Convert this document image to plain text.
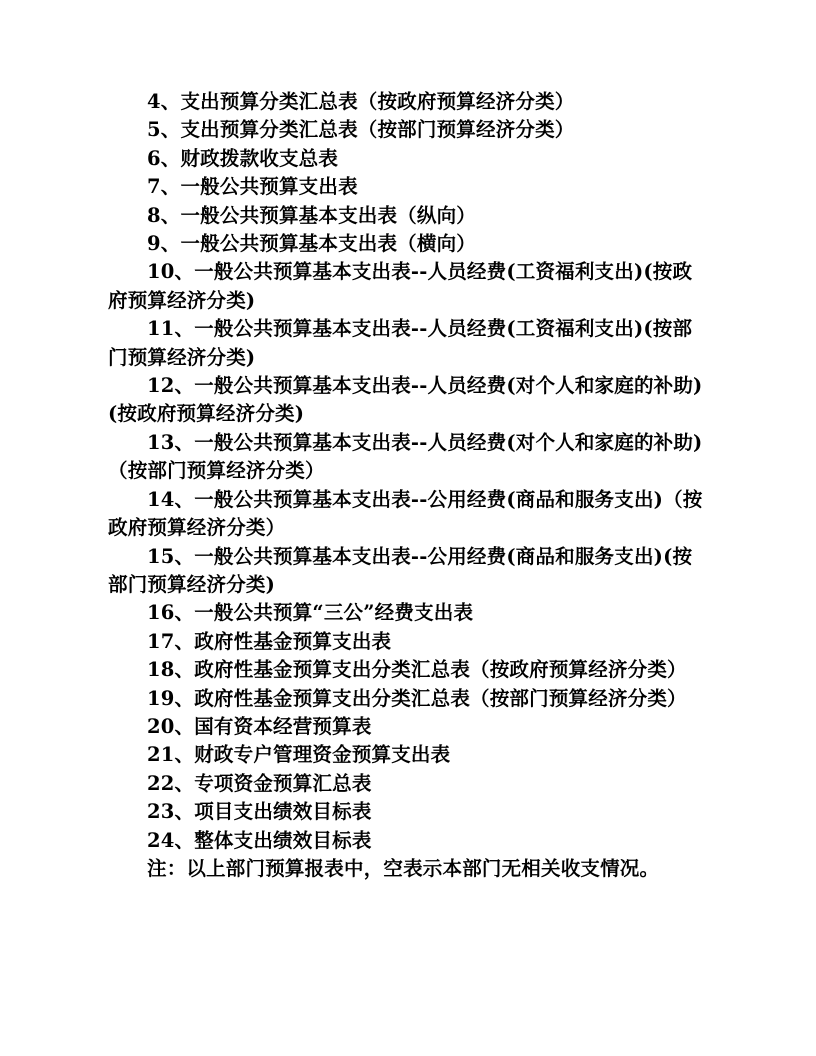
4、支出预算分类汇总表（按政府预算经济分类）

5、支出预算分类汇总表（按部门预算经济分类）

6、财政拨款收支总表

7、一般公共预算支出表

8、一般公共预算基本支出表（纵向）

9、一般公共预算基本支出表（横向）

10、一般公共预算基本支出表--人员经费(工资福利支出)(按政府预算经济分类)

11、一般公共预算基本支出表--人员经费(工资福利支出)(按部门预算经济分类)

12、一般公共预算基本支出表--人员经费(对个人和家庭的补助)(按政府预算经济分类)

13、一般公共预算基本支出表--人员经费(对个人和家庭的补助)（按部门预算经济分类）

14、一般公共预算基本支出表--公用经费(商品和服务支出)（按政府预算经济分类）

15、一般公共预算基本支出表--公用经费(商品和服务支出)(按部门预算经济分类)

16、一般公共预算“三公”经费支出表

17、政府性基金预算支出表

18、政府性基金预算支出分类汇总表（按政府预算经济分类）

19、政府性基金预算支出分类汇总表（按部门预算经济分类）

20、国有资本经营预算表

21、财政专户管理资金预算支出表

22、专项资金预算汇总表

23、项目支出绩效目标表

24、整体支出绩效目标表

注：以上部门预算报表中，空表示本部门无相关收支情况。
